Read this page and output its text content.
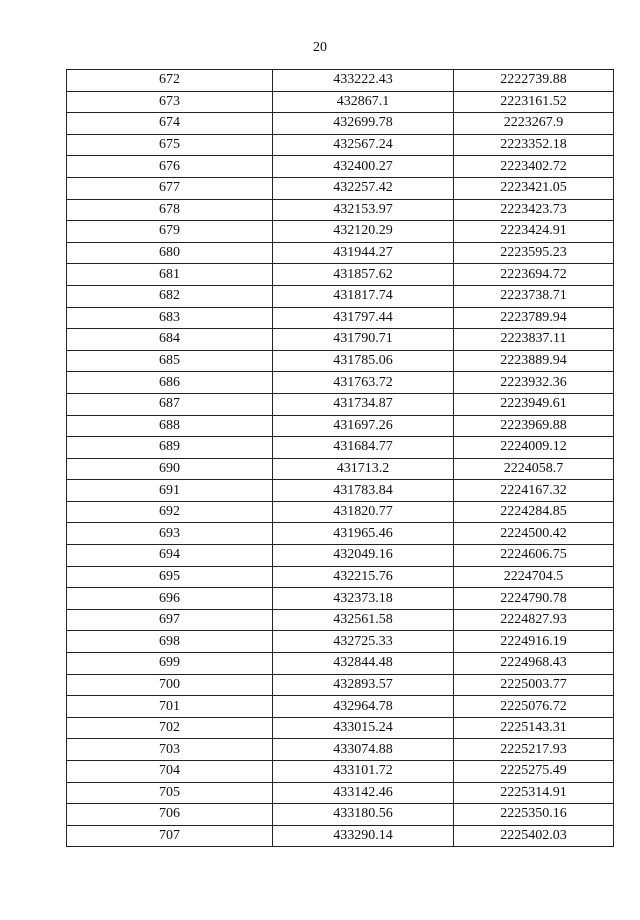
20
672	433222.43	2222739.88
673	432867.1	2223161.52
674	432699.78	2223267.9
675	432567.24	2223352.18
676	432400.27	2223402.72
677	432257.42	2223421.05
678	432153.97	2223423.73
679	432120.29	2223424.91
680	431944.27	2223595.23
681	431857.62	2223694.72
682	431817.74	2223738.71
683	431797.44	2223789.94
684	431790.71	2223837.11
685	431785.06	2223889.94
686	431763.72	2223932.36
687	431734.87	2223949.61
688	431697.26	2223969.88
689	431684.77	2224009.12
690	431713.2	2224058.7
691	431783.84	2224167.32
692	431820.77	2224284.85
693	431965.46	2224500.42
694	432049.16	2224606.75
695	432215.76	2224704.5
696	432373.18	2224790.78
697	432561.58	2224827.93
698	432725.33	2224916.19
699	432844.48	2224968.43
700	432893.57	2225003.77
701	432964.78	2225076.72
702	433015.24	2225143.31
703	433074.88	2225217.93
704	433101.72	2225275.49
705	433142.46	2225314.91
706	433180.56	2225350.16
707	433290.14	2225402.03
